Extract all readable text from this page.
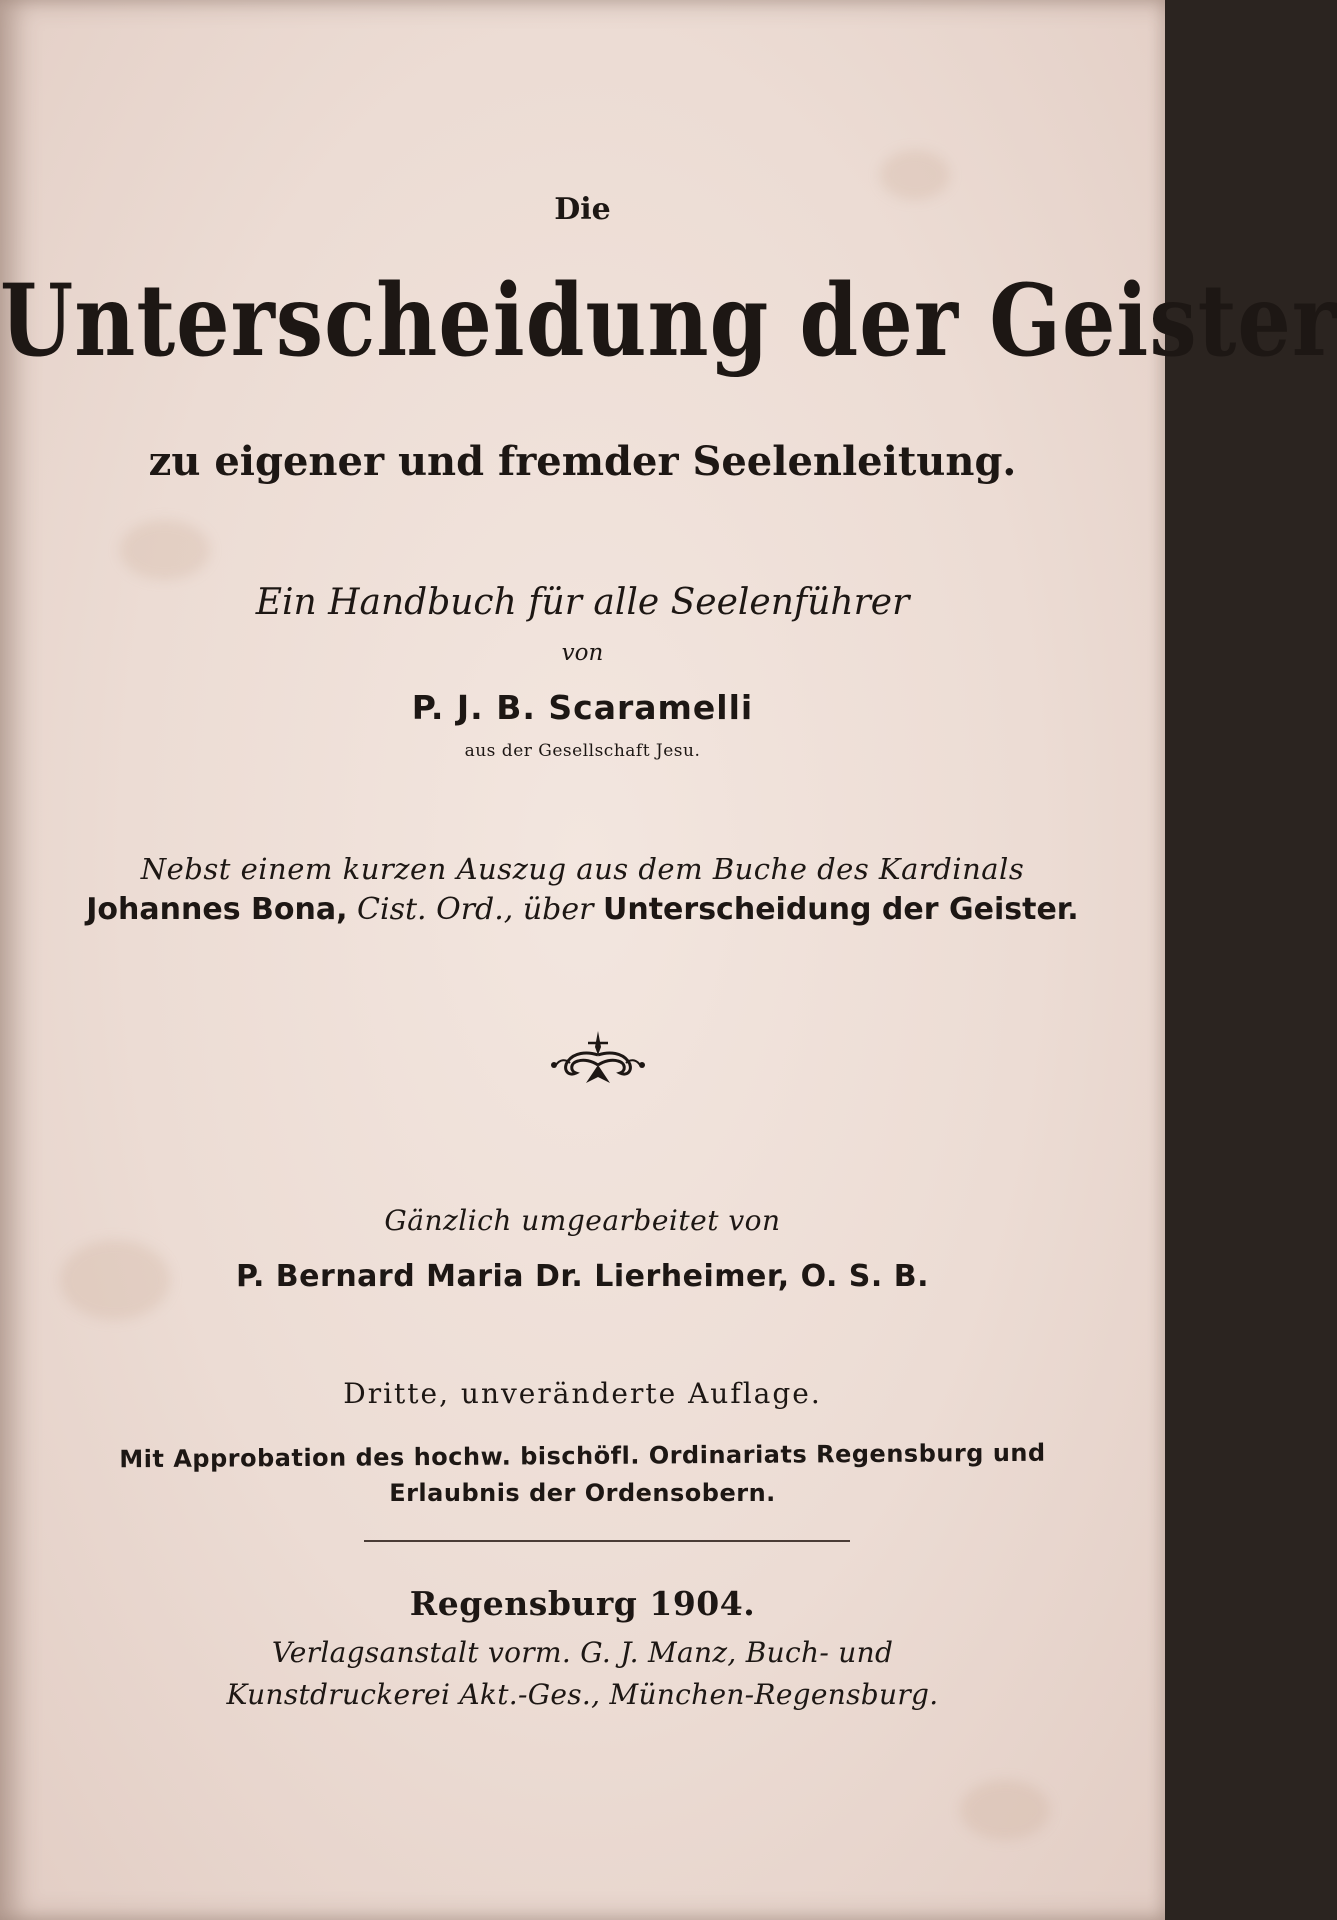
Die
Unterscheidung der Geister
zu eigener und fremder Seelenleitung.
Ein Handbuch für alle Seelenführer
von
P. J. B. Scaramelli
aus der Gesellschaft Jesu.
Nebst einem kurzen Auszug aus dem Buche des Kardinals
Johannes Bona, Cist. Ord., über Unterscheidung der Geister.
Gänzlich umgearbeitet von
P. Bernard Maria Dr. Lierheimer, O. S. B.
Dritte, unveränderte Auflage.
Mit Approbation des hochw. bischöfl. Ordinariats Regensburg und
Erlaubnis der Ordensobern.
Regensburg 1904.
Verlagsanstalt vorm. G. J. Manz, Buch- und
Kunstdruckerei Akt.-Ges., München-Regensburg.
